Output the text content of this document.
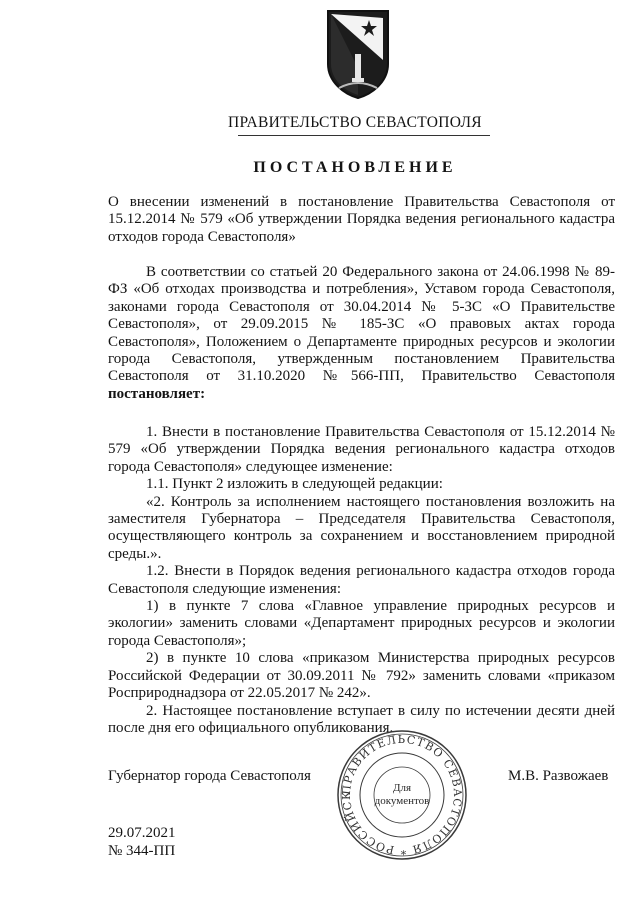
ПРАВИТЕЛЬСТВО СЕВАСТОПОЛЯ
ПОСТАНОВЛЕНИЕ

О внесении изменений в постановление Правительства Севастополя от 15.12.2014 № 579 «Об утверждении Порядка ведения регионального кадастра отходов города Севастополя»

В соответствии со статьей 20 Федерального закона от 24.06.1998 № 89-ФЗ «Об отходах производства и потребления», Уставом города Севастополя, законами города Севастополя от 30.04.2014 № 5-ЗС «О Правительстве Севастополя», от 29.09.2015 № 185-ЗС «О правовых актах города Севастополя», Положением о Департаменте природных ресурсов и экологии города Севастополя, утвержденным постановлением Правительства Севастополя от 31.10.2020 №566-ПП, Правительство Севастополя постановляет:

1. Внести в постановление Правительства Севастополя от 15.12.2014 № 579 «Об утверждении Порядка ведения регионального кадастра отходов города Севастополя» следующее изменение:

1.1. Пункт 2 изложить в следующей редакции:

«2. Контроль за исполнением настоящего постановления возложить на заместителя Губернатора – Председателя Правительства Севастополя, осуществляющего контроль за сохранением и восстановлением природной среды.».

1.2. Внести в Порядок ведения регионального кадастра отходов города Севастополя следующие изменения:

1) в пункте 7 слова «Главное управление природных ресурсов и экологии» заменить словами «Департамент природных ресурсов и экологии города Севастополя»;

2) в пункте 10 слова «приказом Министерства природных ресурсов Российской Федерации от 30.09.2011 № 792» заменить словами «приказом Росприроднадзора от 22.05.2017 № 242».

2. Настоящее постановление вступает в силу по истечении десяти дней после дня его официального опубликования.

Губернатор города Севастополя
ПРАВИТЕЛЬСТВО СЕВАСТОПОЛЯ * РОССИЙСК
Для
документов
М.В. Развожаев
29.07.2021
№ 344-ПП
